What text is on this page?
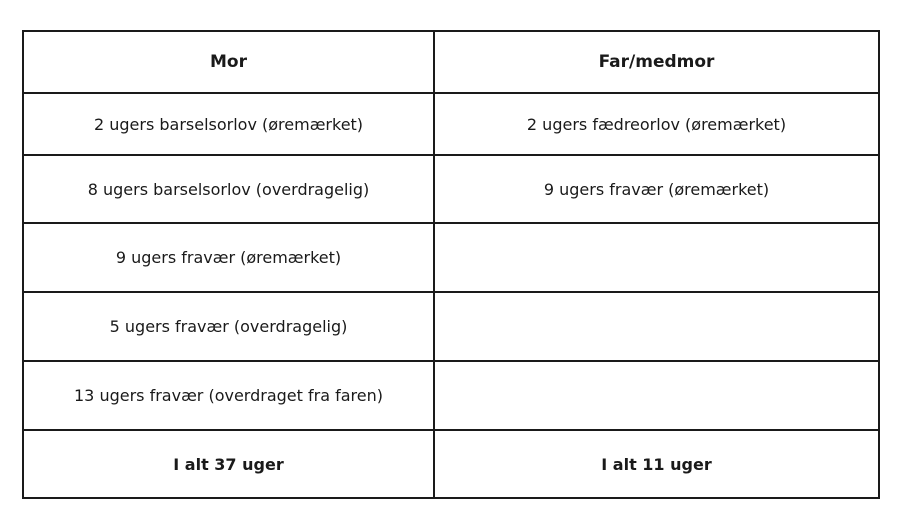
Mor	Far/medmor
2 ugers barselsorlov (øremærket)	2 ugers fædreorlov (øremærket)
8 ugers barselsorlov (overdragelig)	9 ugers fravær (øremærket)
9 ugers fravær (øremærket)	
5 ugers fravær (overdragelig)	
13 ugers fravær (overdraget fra faren)	
I alt 37 uger	I alt 11 uger
